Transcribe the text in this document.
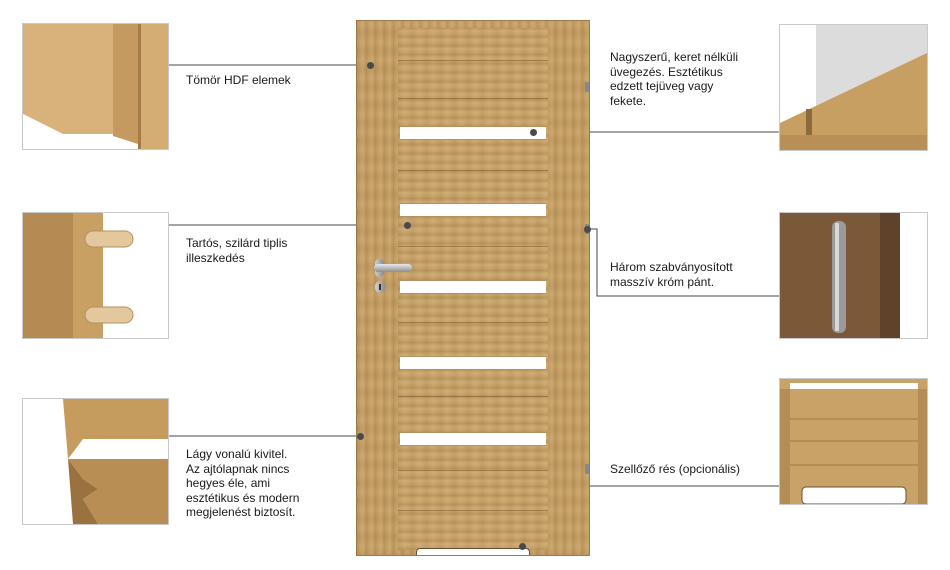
Tömör HDF elemek
Tartós, szilárd tiplis
illeszkedés
Lágy vonalú kivitel.
Az ajtólapnak nincs
hegyes éle, ami
esztétikus és modern
megjelenést biztosít.
Nagyszerű, keret nélküli
üvegezés. Esztétikus
edzett tejüveg vagy
fekete.
Három szabványosított
masszív króm pánt.
Szellőző rés (opcionális)
